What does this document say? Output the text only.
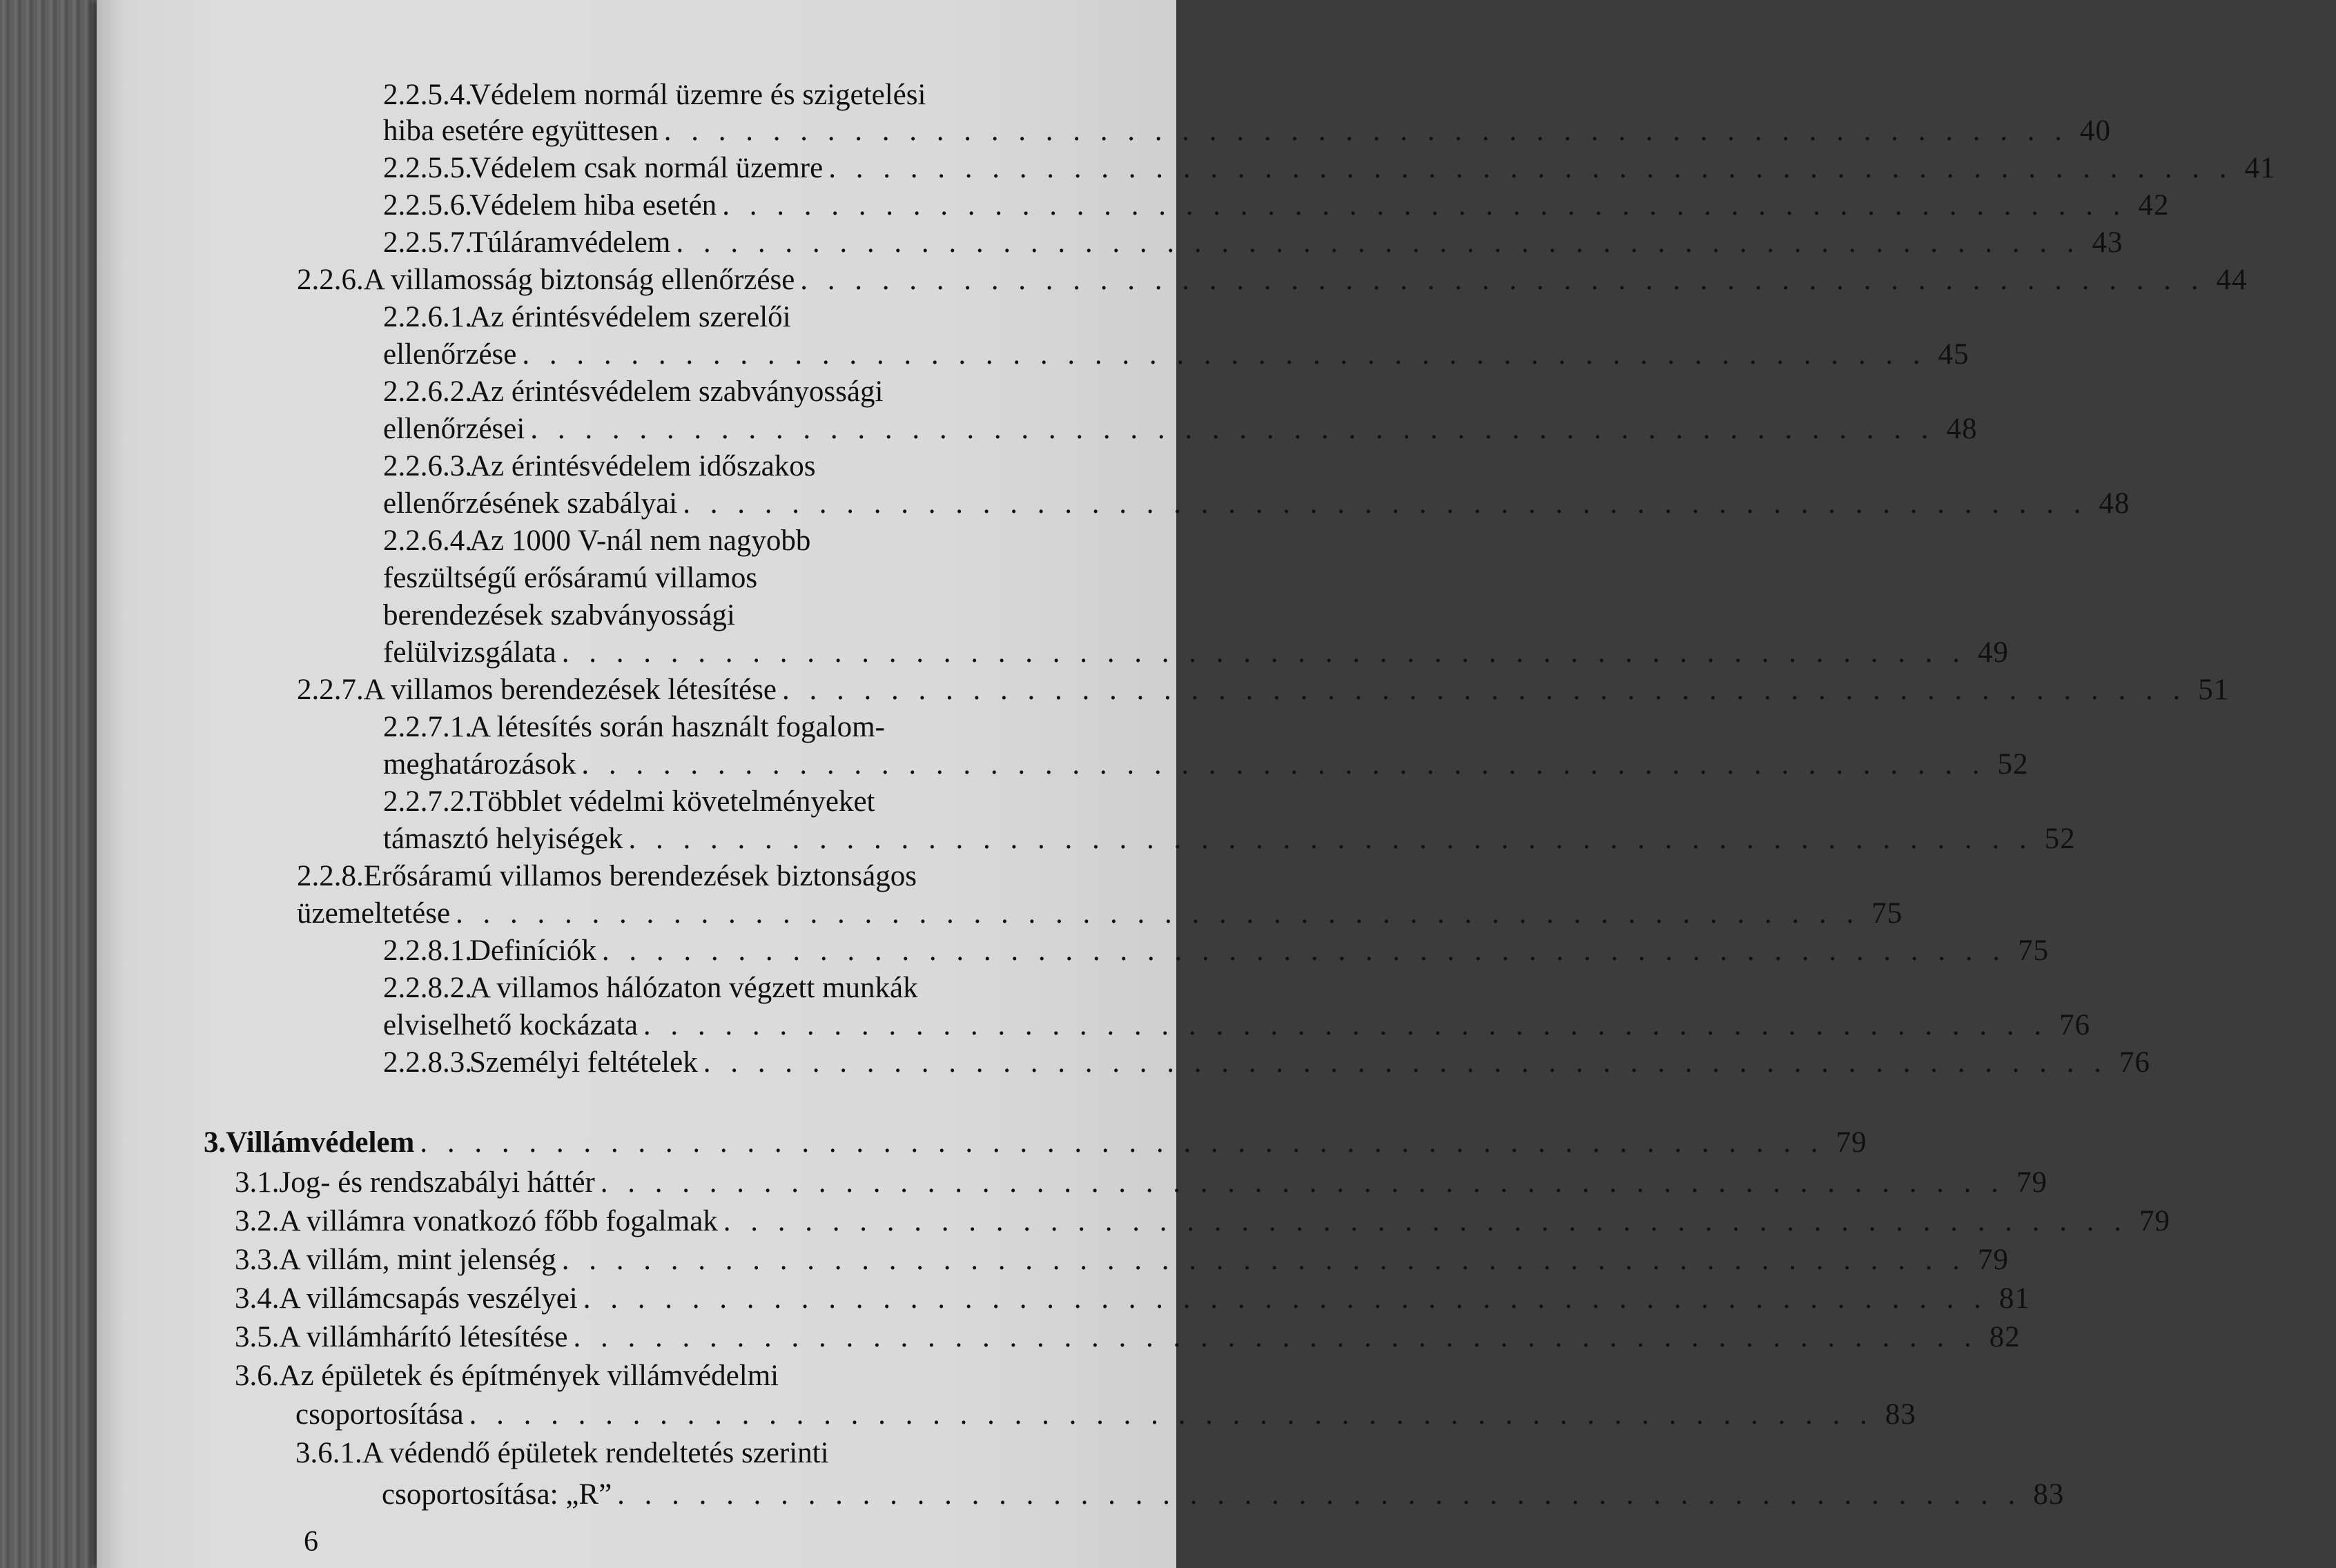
2.2.5.4.
Védelem normál üzemre és szigetelési
hiba esetére együttesen . . . . . . . . . . . . . . . . . . . . . . . . . . . . . . . . . . . . . . . . . . . . . . . . . . . . 40
2.2.5.5.
Védelem csak normál üzemre . . . . . . . . . . . . . . . . . . . . . . . . . . . . . . . . . . . . . . . . . . . . . . . . . . . . 41
2.2.5.6.
Védelem hiba esetén . . . . . . . . . . . . . . . . . . . . . . . . . . . . . . . . . . . . . . . . . . . . . . . . . . . . 42
2.2.5.7.
Túláramvédelem . . . . . . . . . . . . . . . . . . . . . . . . . . . . . . . . . . . . . . . . . . . . . . . . . . . . 43
2.2.6. A villamosság biztonság ellenőrzése . . . . . . . . . . . . . . . . . . . . . . . . . . . . . . . . . . . . . . . . . . . . . . . . . . . . 44
2.2.6.1.
Az érintésvédelem szerelői
ellenőrzése . . . . . . . . . . . . . . . . . . . . . . . . . . . . . . . . . . . . . . . . . . . . . . . . . . . . 45
2.2.6.2.
Az érintésvédelem szabványossági
ellenőrzései . . . . . . . . . . . . . . . . . . . . . . . . . . . . . . . . . . . . . . . . . . . . . . . . . . . . 48
2.2.6.3.
Az érintésvédelem időszakos
ellenőrzésének szabályai . . . . . . . . . . . . . . . . . . . . . . . . . . . . . . . . . . . . . . . . . . . . . . . . . . . . 48
2.2.6.4.
Az 1000 V-nál nem nagyobb
feszültségű erősáramú villamos
berendezések szabványossági
felülvizsgálata . . . . . . . . . . . . . . . . . . . . . . . . . . . . . . . . . . . . . . . . . . . . . . . . . . . . 49
2.2.7. A villamos berendezések létesítése . . . . . . . . . . . . . . . . . . . . . . . . . . . . . . . . . . . . . . . . . . . . . . . . . . . . 51
2.2.7.1.
A létesítés során használt fogalom-
meghatározások . . . . . . . . . . . . . . . . . . . . . . . . . . . . . . . . . . . . . . . . . . . . . . . . . . . . 52
2.2.7.2.
Többlet védelmi követelményeket
támasztó helyiségek . . . . . . . . . . . . . . . . . . . . . . . . . . . . . . . . . . . . . . . . . . . . . . . . . . . . 52
2.2.8. Erősáramú villamos berendezések biztonságos
üzemeltetése . . . . . . . . . . . . . . . . . . . . . . . . . . . . . . . . . . . . . . . . . . . . . . . . . . . . 75
2.2.8.1.
Definíciók . . . . . . . . . . . . . . . . . . . . . . . . . . . . . . . . . . . . . . . . . . . . . . . . . . . . 75
2.2.8.2.
A villamos hálózaton végzett munkák
elviselhető kockázata . . . . . . . . . . . . . . . . . . . . . . . . . . . . . . . . . . . . . . . . . . . . . . . . . . . . 76
2.2.8.3.
Személyi feltételek . . . . . . . . . . . . . . . . . . . . . . . . . . . . . . . . . . . . . . . . . . . . . . . . . . . . 76
3. Villámvédelem . . . . . . . . . . . . . . . . . . . . . . . . . . . . . . . . . . . . . . . . . . . . . . . . . . . . 79
3.1. Jog- és rendszabályi háttér . . . . . . . . . . . . . . . . . . . . . . . . . . . . . . . . . . . . . . . . . . . . . . . . . . . . 79
3.2. A villámra vonatkozó főbb fogalmak . . . . . . . . . . . . . . . . . . . . . . . . . . . . . . . . . . . . . . . . . . . . . . . . . . . . 79
3.3. A villám, mint jelenség . . . . . . . . . . . . . . . . . . . . . . . . . . . . . . . . . . . . . . . . . . . . . . . . . . . . 79
3.4. A villámcsapás veszélyei . . . . . . . . . . . . . . . . . . . . . . . . . . . . . . . . . . . . . . . . . . . . . . . . . . . . 81
3.5. A villámhárító létesítése . . . . . . . . . . . . . . . . . . . . . . . . . . . . . . . . . . . . . . . . . . . . . . . . . . . . 82
3.6. Az épületek és építmények villámvédelmi
csoportosítása . . . . . . . . . . . . . . . . . . . . . . . . . . . . . . . . . . . . . . . . . . . . . . . . . . . . 83
3.6.1. A védendő épületek rendeltetés szerinti
csoportosítása: „R” . . . . . . . . . . . . . . . . . . . . . . . . . . . . . . . . . . . . . . . . . . . . . . . . . . . . 83
6
